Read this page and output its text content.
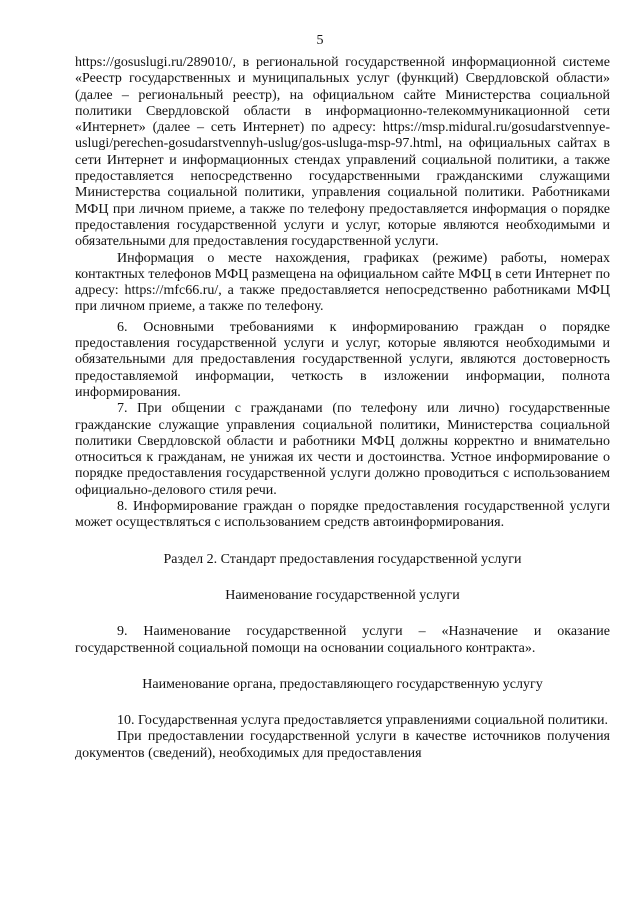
5

https://gosuslugi.ru/289010/, в региональной государственной информационной системе «Реестр государственных и муниципальных услуг (функций) Свердловской области» (далее – региональный реестр), на официальном сайте Министерства социальной политики Свердловской области в информационно-телекоммуникационной сети «Интернет» (далее – сеть Интернет) по адресу: https://msp.midural.ru/gosudarstvennye-uslugi/perechen-gosudarstvennyh-uslug/gos-usluga-msp-97.html, на официальных сайтах в сети Интернет и информационных стендах управлений социальной политики, а также предоставляется непосредственно государственными гражданскими служащими Министерства социальной политики, управления социальной политики. Работниками МФЦ при личном приеме, а также по телефону предоставляется информация о порядке предоставления государственной услуги и услуг, которые являются необходимыми и обязательными для предоставления государственной услуги.

Информация о месте нахождения, графиках (режиме) работы, номерах контактных телефонов МФЦ размещена на официальном сайте МФЦ в сети Интернет по адресу: https://mfc66.ru/, а также предоставляется непосредственно работниками МФЦ при личном приеме, а также по телефону.

6. Основными требованиями к информированию граждан о порядке предоставления государственной услуги и услуг, которые являются необходимыми и обязательными для предоставления государственной услуги, являются достоверность предоставляемой информации, четкость в изложении информации, полнота информирования.

7. При общении с гражданами (по телефону или лично) государственные гражданские служащие управления социальной политики, Министерства социальной политики Свердловской области и работники МФЦ должны корректно и внимательно относиться к гражданам, не унижая их чести и достоинства. Устное информирование о порядке предоставления государственной услуги должно проводиться с использованием официально-делового стиля речи.

8. Информирование граждан о порядке предоставления государственной услуги может осуществляться с использованием средств автоинформирования.

Раздел 2. Стандарт предоставления государственной услуги

Наименование государственной услуги

9. Наименование государственной услуги – «Назначение и оказание государственной социальной помощи на основании социального контракта».

Наименование органа, предоставляющего государственную услугу

10. Государственная услуга предоставляется управлениями социальной политики.

При предоставлении государственной услуги в качестве источников получения документов (сведений), необходимых для предоставления
